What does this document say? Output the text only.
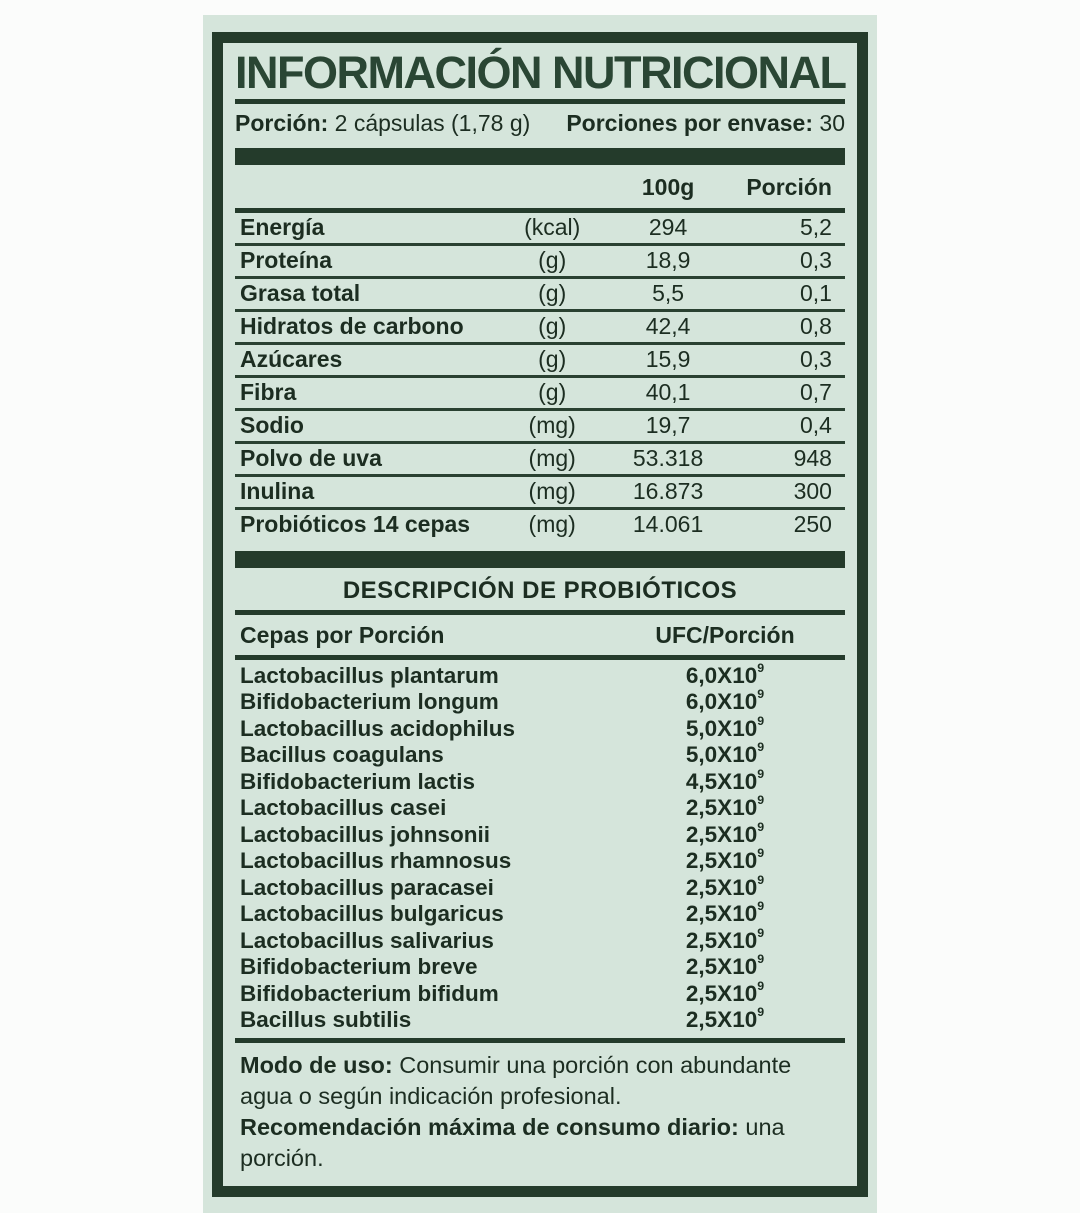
INFORMACIÓN NUTRICIONAL
Porción: 2 cápsulas (1,78 g) Porciones por envase: 30
100g	Porción
Energía	(kcal)	294	5,2
Proteína	(g)	18,9	0,3
Grasa total	(g)	5,5	0,1
Hidratos de carbono	(g)	42,4	0,8
Azúcares	(g)	15,9	0,3
Fibra	(g)	40,1	0,7
Sodio	(mg)	19,7	0,4
Polvo de uva	(mg)	53.318	948
Inulina	(mg)	16.873	300
Probióticos 14 cepas	(mg)	14.061	250
DESCRIPCIÓN DE PROBIÓTICOS
Cepas por Porción	UFC/Porción
Lactobacillus plantarum	$6,0X10^9$
Bifidobacterium longum	$6,0X10^9$
Lactobacillus acidophilus	$5,0X10^9$
Bacillus coagulans	$5,0X10^9$
Bifidobacterium lactis	$4,5X10^9$
Lactobacillus casei	$2,5X10^9$
Lactobacillus johnsonii	$2,5X10^9$
Lactobacillus rhamnosus	$2,5X10^9$
Lactobacillus paracasei	$2,5X10^9$
Lactobacillus bulgaricus	$2,5X10^9$
Lactobacillus salivarius	$2,5X10^9$
Bifidobacterium breve	$2,5X10^9$
Bifidobacterium bifidum	$2,5X10^9$
Bacillus subtilis	$2,5X10^9$

Modo de uso: Consumir una porción con abundante agua o según indicación profesional.

Recomendación máxima de consumo diario: una porción.
